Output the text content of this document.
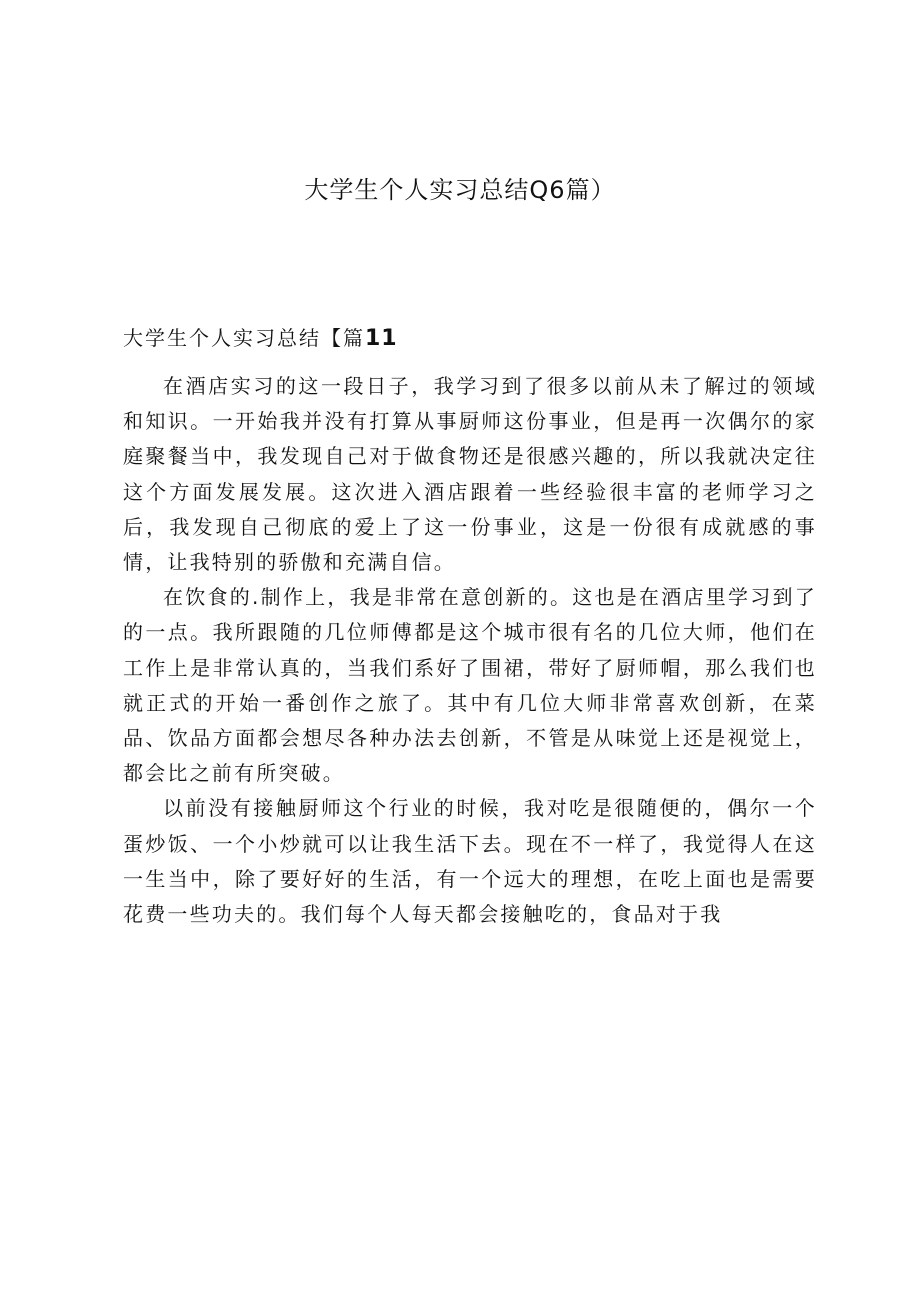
大学生个人实习总结Q6篇）
大学生个人实习总结【篇11

在酒店实习的这一段日子，我学习到了很多以前从未了解过的领域和知识。一开始我并没有打算从事厨师这份事业，但是再一次偶尔的家庭聚餐当中，我发现自己对于做食物还是很感兴趣的，所以我就决定往这个方面发展发展。这次进入酒店跟着一些经验很丰富的老师学习之后，我发现自己彻底的爱上了这一份事业，这是一份很有成就感的事情，让我特别的骄傲和充满自信。

在饮食的.制作上，我是非常在意创新的。这也是在酒店里学习到了的一点。我所跟随的几位师傅都是这个城市很有名的几位大师，他们在工作上是非常认真的，当我们系好了围裙，带好了厨师帽，那么我们也就正式的开始一番创作之旅了。其中有几位大师非常喜欢创新，在菜品、饮品方面都会想尽各种办法去创新，不管是从味觉上还是视觉上，都会比之前有所突破。

以前没有接触厨师这个行业的时候，我对吃是很随便的，偶尔一个蛋炒饭、一个小炒就可以让我生活下去。现在不一样了，我觉得人在这一生当中，除了要好好的生活，有一个远大的理想，在吃上面也是需要花费一些功夫的。我们每个人每天都会接触吃的，食品对于我
